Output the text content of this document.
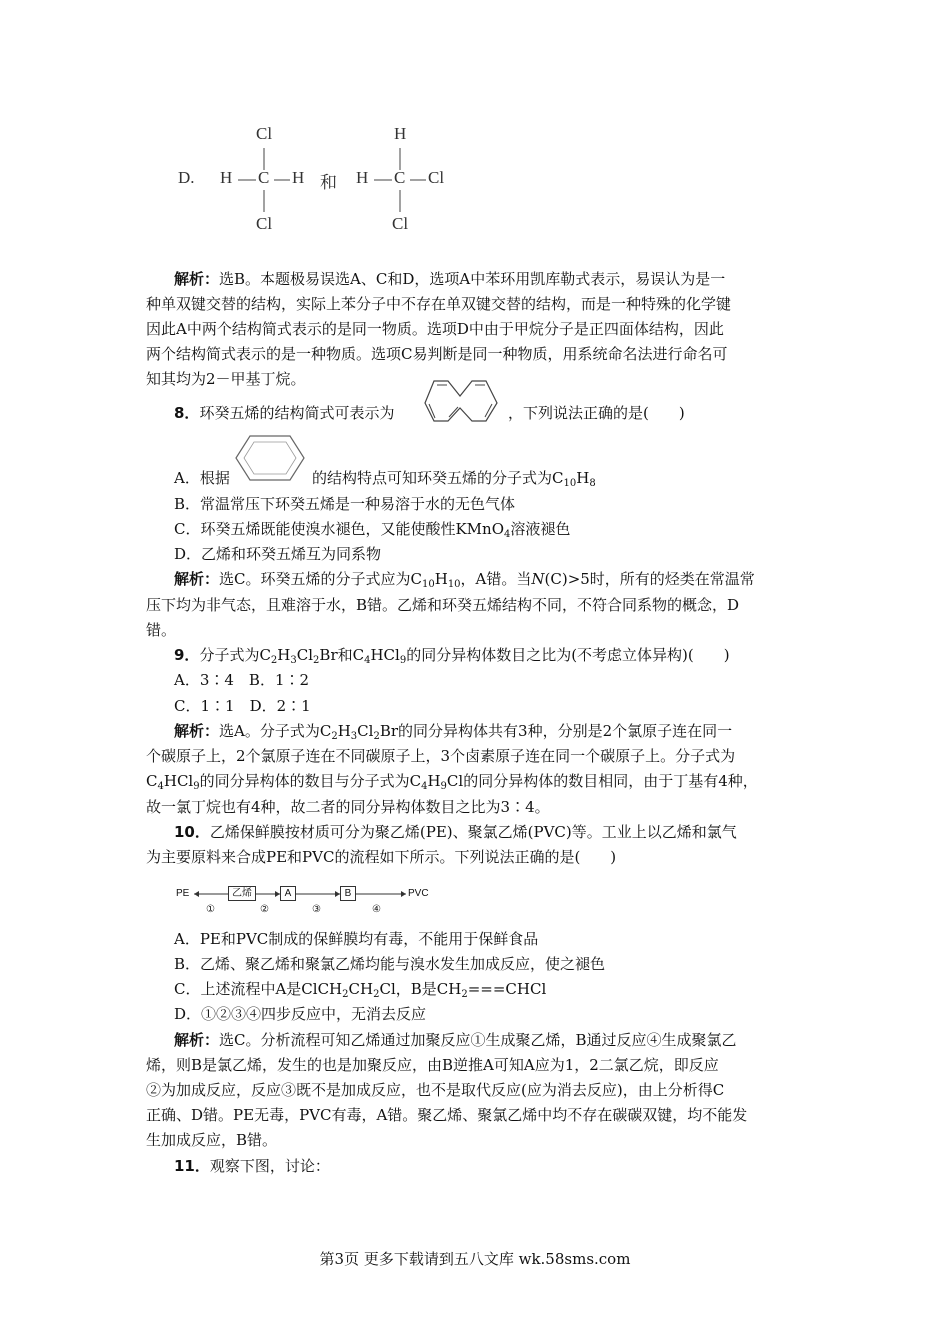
D.
Cl
H C H
Cl
和
H
H C Cl
Cl
解析：选B。本题极易误选A、C和D，选项A中苯环用凯库勒式表示，易误认为是一
种单双键交替的结构，实际上苯分子中不存在单双键交替的结构，而是一种特殊的化学键
因此A中两个结构简式表示的是同一物质。选项D中由于甲烷分子是正四面体结构，因此
两个结构简式表示的是一种物质。选项C易判断是同一种物质，用系统命名法进行命名可
知其均为2－甲基丁烷。
8．环癸五烯的结构简式可表示为	，下列说法正确的是(　　)
A．根据	的结构特点可知环癸五烯的分子式为$C_{10}H_8$
B．常温常压下环癸五烯是一种易溶于水的无色气体
C．环癸五烯既能使溴水褪色，又能使酸性KMnO$_4$溶液褪色
D．乙烯和环癸五烯互为同系物
解析：选C。环癸五烯的分子式应为$C_{10}H_{10}$，A错。当N(C)>5时，所有的烃类在常温常
压下均为非气态，且难溶于水，B错。乙烯和环癸五烯结构不同，不符合同系物的概念，D
错。
9．分子式为$C_2H_3Cl_2Br$和$C_4HCl_9$的同分异构体数目之比为(不考虑立体异构)(　　)
A．3∶4　B．1∶2
C．1∶1　D．2∶1
解析：选A。分子式为$C_2H_3Cl_2Br$的同分异构体共有3种，分别是2个氯原子连在同一
个碳原子上，2个氯原子连在不同碳原子上，3个卤素原子连在同一个碳原子上。分子式为
$C_4HCl_9$的同分异构体的数目与分子式为$C_4H_9Cl$的同分异构体的数目相同，由于丁基有4种，
故一氯丁烷也有4种，故二者的同分异构体数目之比为3∶4。
10．乙烯保鲜膜按材质可分为聚乙烯(PE)、聚氯乙烯(PVC)等。工业上以乙烯和氯气
为主要原料来合成PE和PVC的流程如下所示。下列说法正确的是(　　)
PE	乙烯	A	B	PVC
①	②	③	④
A．PE和PVC制成的保鲜膜均有毒，不能用于保鲜食品
B．乙烯、聚乙烯和聚氯乙烯均能与溴水发生加成反应，使之褪色
C．上述流程中A是$ClCH_2CH_2Cl$，B是$CH_2===CHCl$
D．①②③④四步反应中，无消去反应
解析：选C。分析流程可知乙烯通过加聚反应①生成聚乙烯，B通过反应④生成聚氯乙
烯，则B是氯乙烯，发生的也是加聚反应，由B逆推A可知A应为1，2二氯乙烷，即反应
②为加成反应，反应③既不是加成反应，也不是取代反应(应为消去反应)，由上分析得C
正确、D错。PE无毒，PVC有毒，A错。聚乙烯、聚氯乙烯中均不存在碳碳双键，均不能发
生加成反应，B错。
11．观察下图，讨论：
第3页 更多下载请到五八文库 wk.58sms.com
